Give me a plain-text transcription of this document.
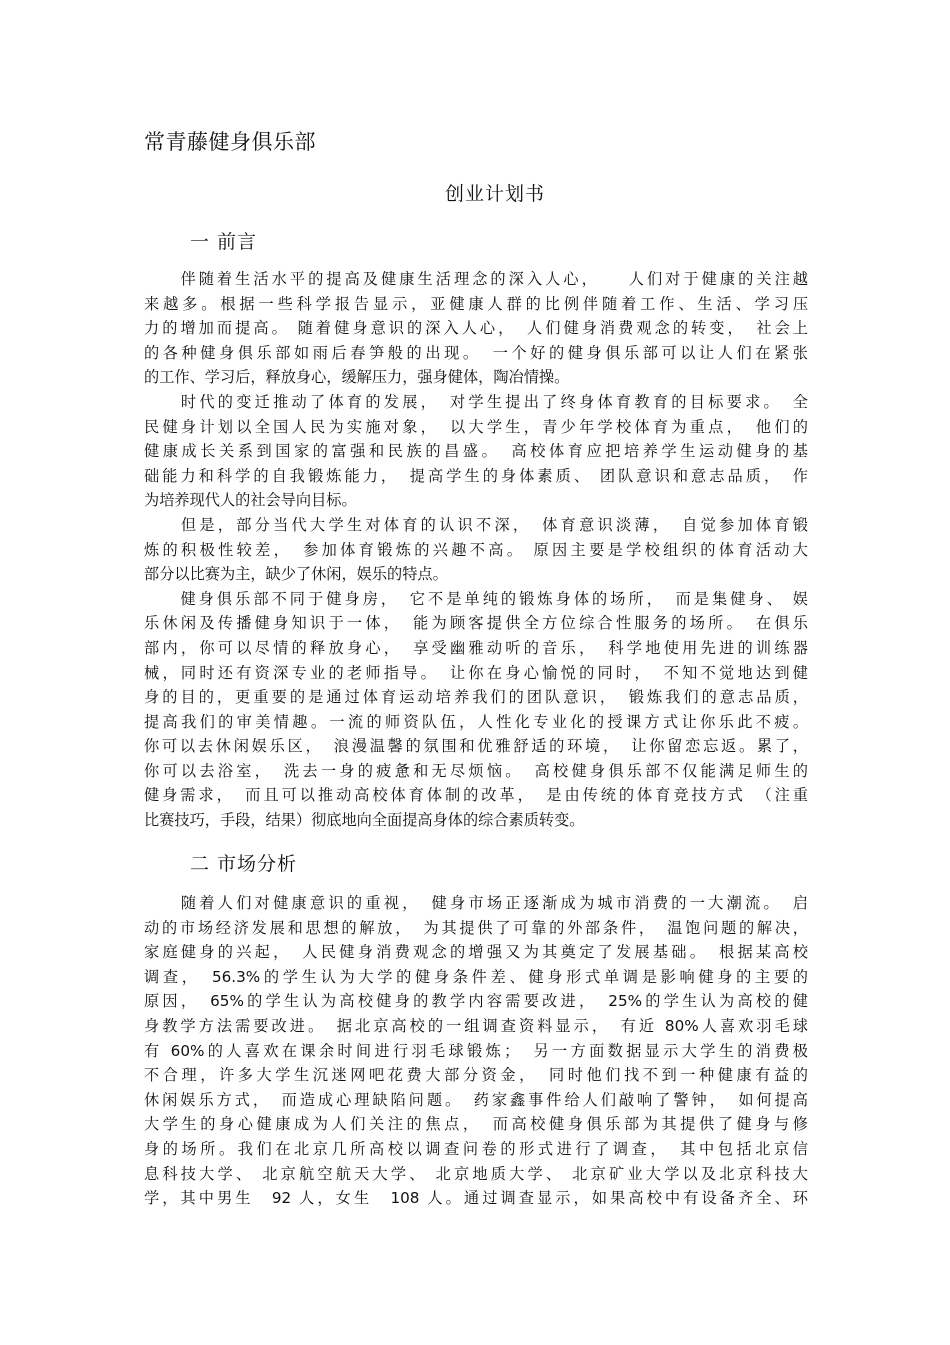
常青藤健身俱乐部
创业计划书
一 前言
　　伴随着生活水平的提高及健康生活理念的深入人心，　　人们对于健康的关注越
来越多。根据一些科学报告显示，亚健康人群的比例伴随着工作、生活、学习压
力的增加而提高。 随着健身意识的深入人心，　人们健身消费观念的转变，　社会上
的各种健身俱乐部如雨后春笋般的出现。　一个好的健身俱乐部可以让人们在紧张
的工作、学习后，释放身心，缓解压力，强身健体，陶冶情操。
　　时代的变迁推动了体育的发展，　对学生提出了终身体育教育的目标要求。　全
民健身计划以全国人民为实施对象，　以大学生，青少年学校体育为重点，　他们的
健康成长关系到国家的富强和民族的昌盛。　高校体育应把培养学生运动健身的基
础能力和科学的自我锻炼能力，　提高学生的身体素质、 团队意识和意志品质，　作
为培养现代人的社会导向目标。
　　但是，部分当代大学生对体育的认识不深，　体育意识淡薄，　自觉参加体育锻
炼的积极性较差，　参加体育锻炼的兴趣不高。 原因主要是学校组织的体育活动大
部分以比赛为主，缺少了休闲，娱乐的特点。
　　健身俱乐部不同于健身房，　它不是单纯的锻炼身体的场所，　而是集健身、 娱
乐休闲及传播健身知识于一体，　能为顾客提供全方位综合性服务的场所。　在俱乐
部内，你可以尽情的释放身心，　享受幽雅动听的音乐，　科学地使用先进的训练器
械，同时还有资深专业的老师指导。　让你在身心愉悦的同时，　不知不觉地达到健
身的目的，更重要的是通过体育运动培养我们的团队意识，　锻炼我们的意志品质，
提高我们的审美情趣。一流的师资队伍，人性化专业化的授课方式让你乐此不疲。
你可以去休闲娱乐区，　浪漫温馨的氛围和优雅舒适的环境，　让你留恋忘返。累了，
你可以去浴室，　洗去一身的疲惫和无尽烦恼。　高校健身俱乐部不仅能满足师生的
健身需求，　而且可以推动高校体育体制的改革，　是由传统的体育竞技方式　（注重
比赛技巧，手段，结果）彻底地向全面提高身体的综合素质转变。
二 市场分析
　　随着人们对健康意识的重视，　健身市场正逐渐成为城市消费的一大潮流。　启
动的市场经济发展和思想的解放，　为其提供了可靠的外部条件，　温饱问题的解决，
家庭健身的兴起，　人民健身消费观念的增强又为其奠定了发展基础。　根据某高校
调查，　56.3%的学生认为大学的健身条件差、健身形式单调是影响健身的主要的
原因，　65%的学生认为高校健身的教学内容需要改进，　25%的学生认为高校的健
身教学方法需要改进。　据北京高校的一组调查资料显示，　有近 80%人喜欢羽毛球
有 60%的人喜欢在课余时间进行羽毛球锻炼；　另一方面数据显示大学生的消费极
不合理，许多大学生沉迷网吧花费大部分资金，　同时他们找不到一种健康有益的
休闲娱乐方式，　而造成心理缺陷问题。　药家鑫事件给人们敲响了警钟，　如何提高
大学生的身心健康成为人们关注的焦点，　而高校健身俱乐部为其提供了健身与修
身的场所。我们在北京几所高校以调查问卷的形式进行了调查，　其中包括北京信
息科技大学、 北京航空航天大学、 北京地质大学、 北京矿业大学以及北京科技大
学，其中男生　92 人，女生　108 人。通过调查显示，如果高校中有设备齐全、环
